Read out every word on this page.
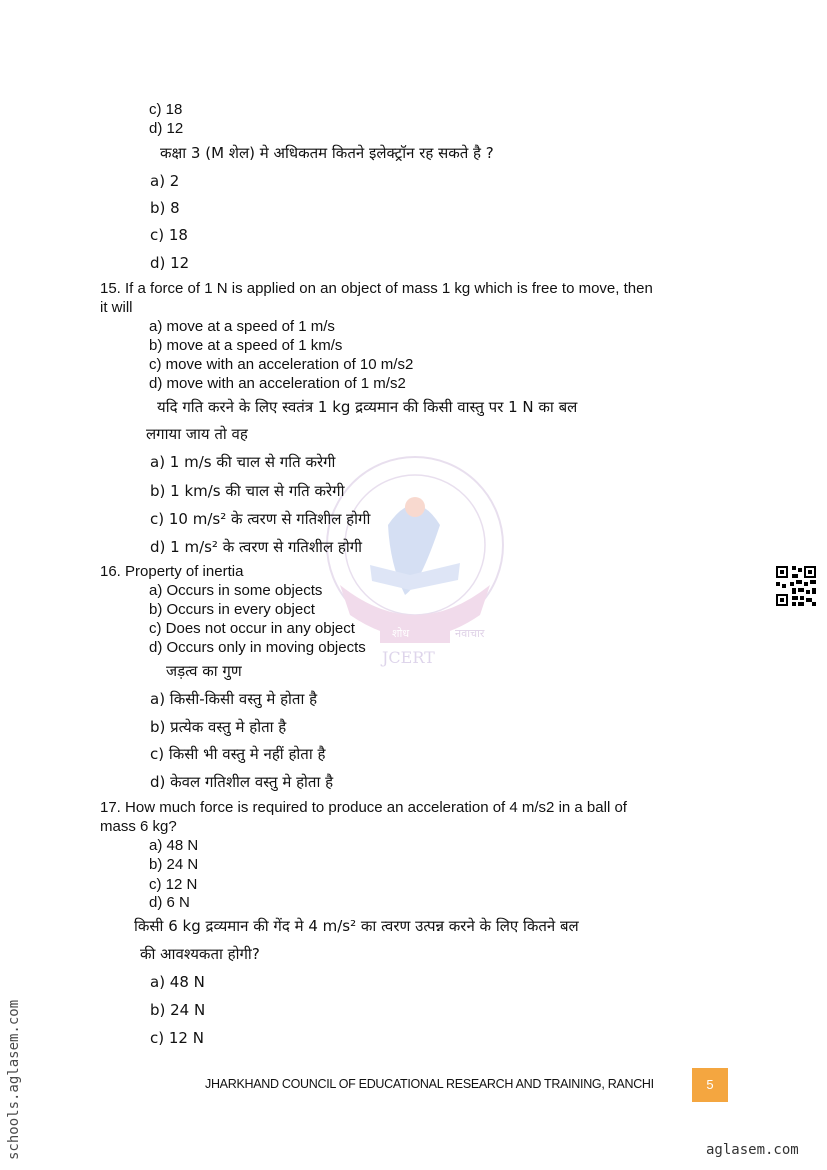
शोध	नवाचार
JCERT
c) 18
d) 12
कक्षा 3 (M शेल) मे अधिकतम कितने इलेक्ट्रॉन रह सकते है ?
a) 2
b) 8
c) 18
d) 12
15. If a force of 1 N is applied on an object of mass 1 kg which is free to move, then
it will
a) move at a speed of 1 m/s
b) move at a speed of 1 km/s
c) move with an acceleration of 10 m/s2
d) move with an acceleration of 1 m/s2
यदि गति करने के लिए स्वतंत्र 1 kg द्रव्यमान की किसी वास्तु पर 1 N का बल
लगाया जाय तो वह
a) 1 m/s की चाल से गति करेगी
b) 1 km/s की चाल से गति करेगी
c) 10 m/s² के त्वरण से गतिशील होगी
d) 1 m/s² के त्वरण से गतिशील होगी
16. Property of inertia
a) Occurs in some objects
b) Occurs in every object
c) Does not occur in any object
d) Occurs only in moving objects
जड़त्व का गुण
a) किसी-किसी वस्तु मे होता है
b) प्रत्येक वस्तु मे होता है
c) किसी भी वस्तु मे नहीं होता है
d) केवल गतिशील वस्तु मे होता है
17. How much force is required to produce an acceleration of 4 m/s2 in a ball of
mass 6 kg?
a) 48 N
b) 24 N
c) 12 N
d) 6 N
किसी 6 kg द्रव्यमान की गेंद मे 4 m/s² का त्वरण उत्पन्न करने के लिए कितने बल
की आवश्यकता होगी?
a) 48 N
b) 24 N
c) 12 N
schools.aglasem.com	JHARKHAND COUNCIL OF EDUCATIONAL RESEARCH AND TRAINING, RANCHI	5
aglasem.com
